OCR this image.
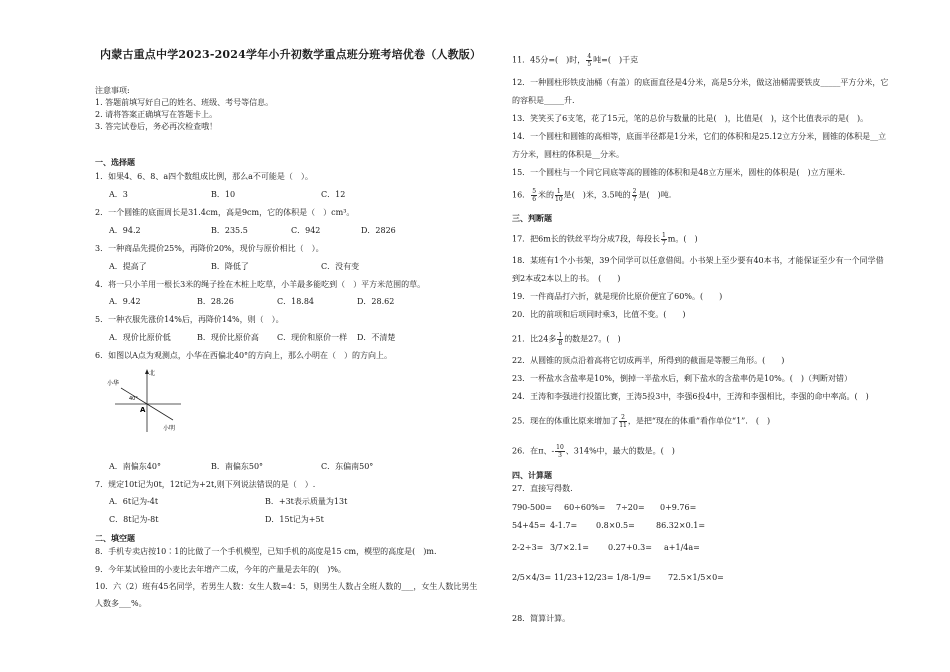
内蒙古重点中学2023-2024学年小升初数学重点班分班考培优卷（人教版）
注意事项:
1. 答题前填写好自己的姓名、班级、考号等信息。
2. 请将答案正确填写在答题卡上。
3. 答完试卷后，务必再次检查哦！
一、选择题
1．如果4、6、8、a四个数组成比例，那么a不可能是（　）。
A．3	B．10	C．12
2．一个圆锥的底面周长是31.4cm，高是9cm，它的体积是（　）cm³。
A．94.2	B．235.5	C．942	D．2826
3．一种商品先提价25%，再降价20%，现价与原价相比（　）。
A．提高了	B．降低了	C．没有变
4．将一只小羊用一根长3米的绳子拴在木桩上吃草，小羊最多能吃到（　）平方米范围的草。
A．9.42	B．28.26	C．18.84	D．28.62
5．一种衣服先涨价14%后，再降价14%，则（　）。
A．现价比原价低	B．现价比原价高 C．现价和原价一样 D．不清楚
6．如图以A点为观测点，小华在西偏北40°的方向上，那么小明在（　）的方向上。
北
小华
A
小明
40°
A．南偏东40°	B．南偏东50°	C．东偏南50°
7．规定10t记为0t，12t记为+2t,则下列说法错误的是（　）.
A．6t记为-4t	B．+3t表示质量为13t
C．8t记为-8t	D．15t记为+5t
二、填空题
8．手机专卖店按10∶1的比做了一个手机模型，已知手机的高度是15 cm，模型的高度是(　)m.
9．今年某试验田的小麦比去年增产二成，今年的产量是去年的(　)%。
10．六（2）班有45名同学，若男生人数：女生人数=4：5，则男生人数占全班人数的___，女生人数比男生
人数多___%。
11．45分=(　)时， $\frac{4}{5}$ 吨=(　)千克
12．一种圆柱形铁皮油桶（有盖）的底面直径是4分米，高是5分米，做这油桶需要铁皮_____平方分米，它
的容积是_____升.
13．笑笑买了6支笔，花了15元，笔的总价与数量的比是(　)，比值是(　)，这个比值表示的是(　)。
14．一个圆柱和圆锥的高相等，底面半径都是1分米，它们的体积和是25.12立方分米，圆锥的体积是__立
方分米，圆柱的体积是__分米。
15．一个圆柱与一个同它同底等高的圆锥的体积和是48立方厘米，圆柱的体积是(　)立方厘米.
16． $\frac{5}{6}$ 米的 $\frac{1}{10}$ 是(　)米，3.5吨的 $\frac{2}{7}$ 是(　)吨.
三、判断题
17．把6m长的铁丝平均分成7段，每段长 $\frac{1}{7}$ m。(　)
18．某班有1个小书架，39个同学可以任意借阅。小书架上至少要有40本书，才能保证至少有一个同学借
到2本或2本以上的书。　(　　)
19．一件商品打六折，就是现价比原价便宜了60%。(　　)
20．比的前项和后项同时乘3，比值不变。(　　)
21．比24多 $\frac{1}{8}$ 的数是27。(　)
22．从圆锥的顶点沿着高将它切成两半，所得到的截面是等腰三角形。(　　)
23．一杯盐水含盐率是10%，倒掉一半盐水后，剩下盐水的含盐率仍是10%。(　)（判断对错）
24．王涛和李强进行投篮比赛，王涛5投3中，李强6投4中，王涛和李强相比，李强的命中率高。(　)
25．现在的体重比原来增加了 $\frac{2}{11}$ ，是把“现在的体重”看作单位“1”.　(　)
26．在π、- $\frac{10}{3}$ 、314%中，最大的数是。(　)
四、计算题
27．直接写得数.
790-500= 60÷60%= 7÷20= 0+9.76=
54+45= 4-1.7= 0.8×0.5=	86.32×0.1=
2-2÷3= 3/7×2.1= 0.27+0.3= a+1/4a=
2/5×4/3= 11/23+12/23= 1/8-1/9= 72.5×1/5×0=
28．简算计算。
